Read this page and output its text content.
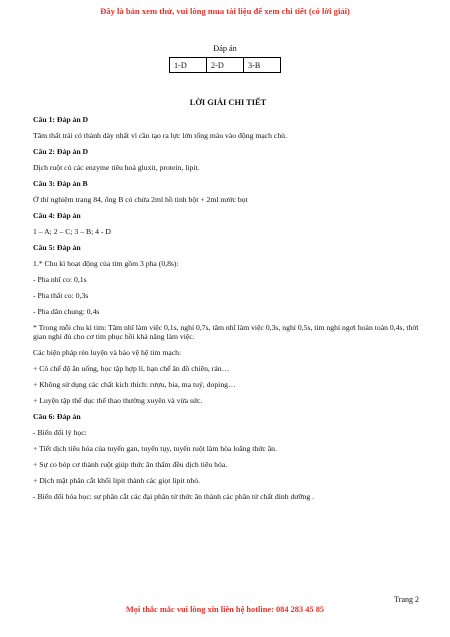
Đây là bản xem thử, vui lòng mua tài liệu để xem chi tiết (có lời giải)
Đáp án
1-D	2-D	3-B
LỜI GIẢI CHI TIẾT

Câu 1: Đáp án D

Tâm thất trái có thành dày nhất vì cần tạo ra lực lớn tống máu vào động mạch chủ.

Câu 2: Đáp án D

Dịch ruột có các enzyme tiêu hoá gluxit, protein, lipit.

Câu 3: Đáp án B

Ở thí nghiệm trang 84, ống B có chứa 2ml hồ tinh bột + 2ml nước bọt

Câu 4: Đáp án

1 – A; 2 – C; 3 – B; 4 - D

Câu 5: Đáp án

1.* Chu kì hoạt động của tim gồm 3 pha (0,8s):

- Pha nhĩ co: 0,1s

- Pha thất co: 0,3s

- Pha dãn chung: 0,4s

* Trong mỗi chu kì tim: Tâm nhĩ làm việc 0,1s, nghỉ 0,7s, tâm nhĩ làm việc 0,3s, nghỉ 0,5s, tim nghỉ ngơi hoàn toàn 0,4s, thời gian nghỉ đủ cho cơ tim phục hồi khả năng làm việc.

Các biện pháp rèn luyện và bảo vệ hệ tim mạch:

+ Có chế độ ăn uống, học tập hợp lí, hạn chế ăn đồ chiên, rán…

+ Không sử dụng các chất kích thích: rượu, bia, ma tuý, doping…

+ Luyện tập thể dục thể thao thường xuyên và vừa sức.

Câu 6: Đáp án

- Biến đổi lý học:

+ Tiết dịch tiêu hóa của tuyến gan, tuyến tụy, tuyến ruột làm hòa loãng thức ăn.

+ Sự co bóp cơ thành ruột giúp thức ăn thấm đều dịch tiêu hóa.

+ Dịch mật phân cắt khối lipit thành các giọt lipit nhỏ.

- Biến đổi hóa học: sự phân cắt các đại phân tử thức ăn thành các phân tử chất dinh dưỡng .

Trang 2
Mọi thắc mắc vui lòng xin liên hệ hotline: 084 283 45 85
